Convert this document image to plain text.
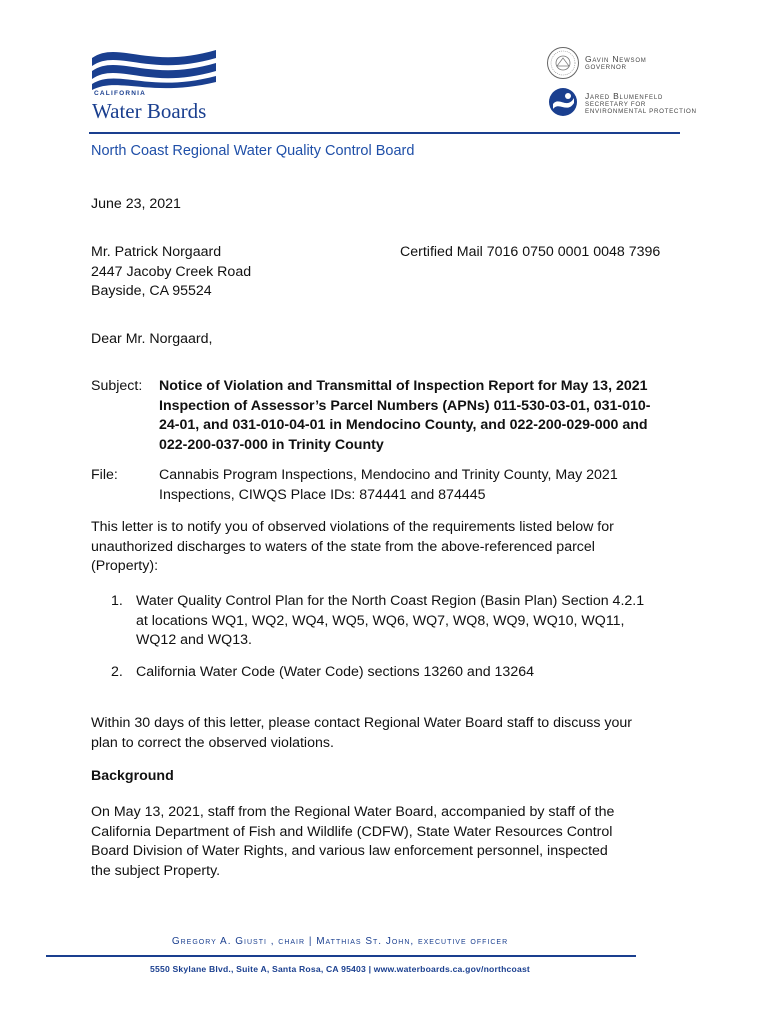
CALIFORNIA
Water Boards
Gavin Newsom
GOVERNOR
Jared Blumenfeld
SECRETARY FOR
ENVIRONMENTAL PROTECTION
North Coast Regional Water Quality Control Board
June 23, 2021
Mr. Patrick Norgaard
2447 Jacoby Creek Road
Bayside, CA 95524
Certified Mail 7016 0750 0001 0048 7396
Dear Mr. Norgaard,
Subject: Notice of Violation and Transmittal of Inspection Report for May 13, 2021
Inspection of Assessor’s Parcel Numbers (APNs) 011-530-03-01, 031-010-
24-01, and 031-010-04-01 in Mendocino County, and 022-200-029-000 and
022-200-037-000 in Trinity County
File:	Cannabis Program Inspections, Mendocino and Trinity County, May 2021
Inspections, CIWQS Place IDs: 874441 and 874445
This letter is to notify you of observed violations of the requirements listed below for
unauthorized discharges to waters of the state from the above-referenced parcel
(Property):
1. Water Quality Control Plan for the North Coast Region (Basin Plan) Section 4.2.1
at locations WQ1, WQ2, WQ4, WQ5, WQ6, WQ7, WQ8, WQ9, WQ10, WQ11,
WQ12 and WQ13.
2. California Water Code (Water Code) sections 13260 and 13264
Within 30 days of this letter, please contact Regional Water Board staff to discuss your
plan to correct the observed violations.
Background
On May 13, 2021, staff from the Regional Water Board, accompanied by staff of the
California Department of Fish and Wildlife (CDFW), State Water Resources Control
Board Division of Water Rights, and various law enforcement personnel, inspected
the subject Property.
Gregory A. Giusti , chair | Matthias St. John, executive officer
5550 Skylane Blvd., Suite A, Santa Rosa, CA 95403 | www.waterboards.ca.gov/northcoast
